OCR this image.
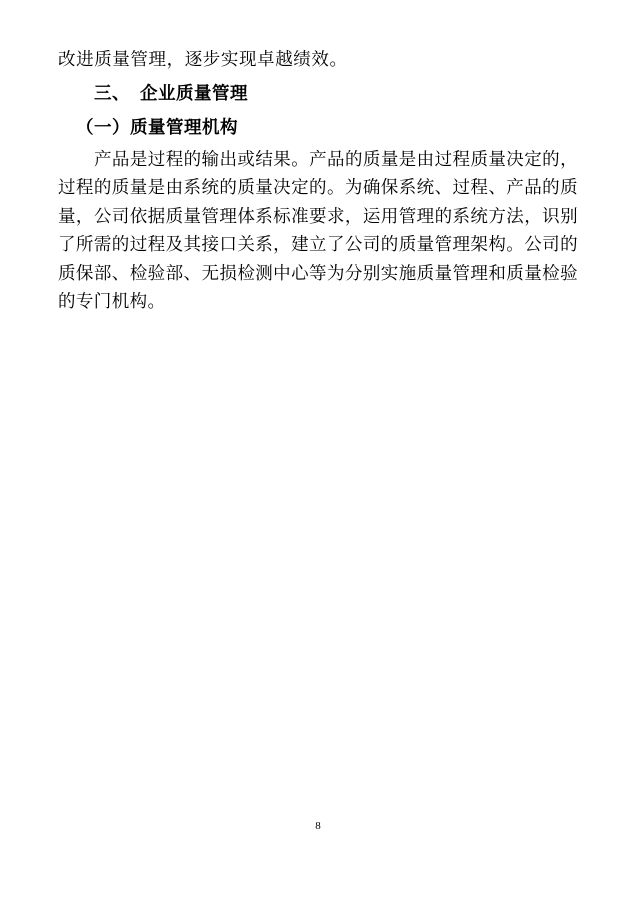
改进质量管理，逐步实现卓越绩效。

三、 企业质量管理
（一）质量管理机构

产品是过程的输出或结果。产品的质量是由过程质量决定的，过程的质量是由系统的质量决定的。为确保系统、过程、产品的质量，公司依据质量管理体系标准要求，运用管理的系统方法，识别了所需的过程及其接口关系，建立了公司的质量管理架构。公司的质保部、检验部、无损检测中心等为分别实施质量管理和质量检验的专门机构。

8
